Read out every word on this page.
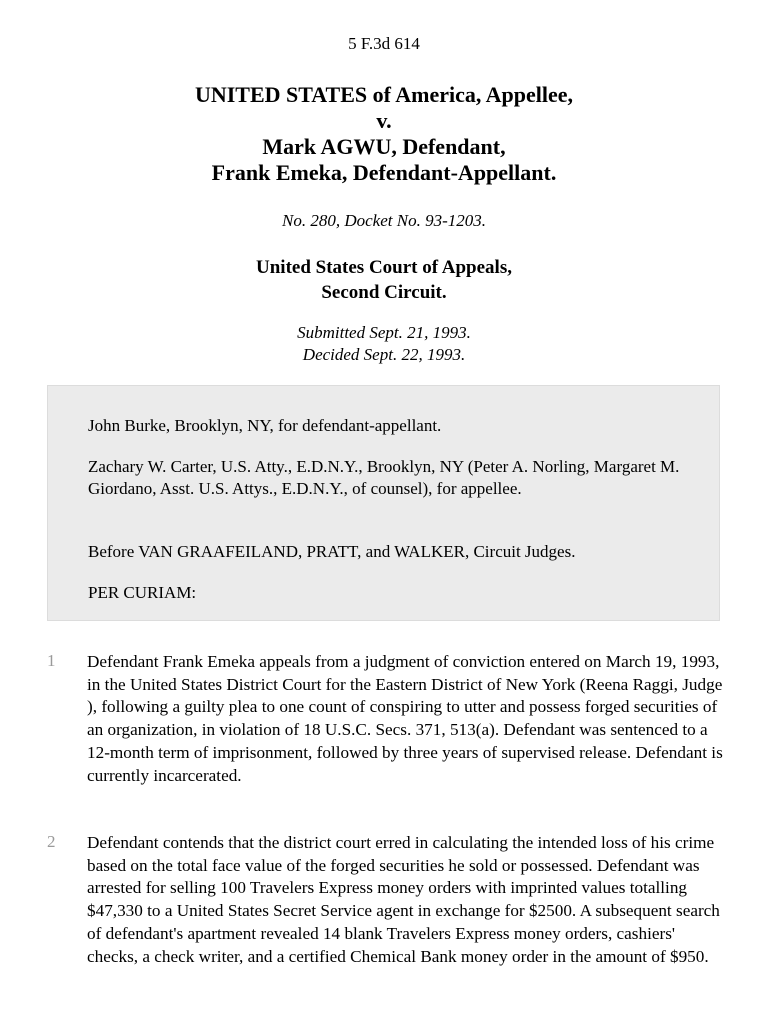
5 F.3d 614
UNITED STATES of America, Appellee,
v.
Mark AGWU, Defendant,
Frank Emeka, Defendant-Appellant.
No. 280, Docket No. 93-1203.
United States Court of Appeals,
Second Circuit.
Submitted Sept. 21, 1993.
Decided Sept. 22, 1993.

John Burke, Brooklyn, NY, for defendant-appellant.

Zachary W. Carter, U.S. Atty., E.D.N.Y., Brooklyn, NY (Peter A. Norling, Margaret M. Giordano, Asst. U.S. Attys., E.D.N.Y., of counsel), for appellee.

Before VAN GRAAFEILAND, PRATT, and WALKER, Circuit Judges.

PER CURIAM:

1 Defendant Frank Emeka appeals from a judgment of conviction entered on March 19, 1993, in the United States District Court for the Eastern District of New York (Reena Raggi, Judge ), following a guilty plea to one count of conspiring to utter and possess forged securities of an organization, in violation of 18 U.S.C. Secs. 371, 513(a). Defendant was sentenced to a 12-month term of imprisonment, followed by three years of supervised release. Defendant is currently incarcerated.

2 Defendant contends that the district court erred in calculating the intended loss of his crime based on the total face value of the forged securities he sold or possessed. Defendant was arrested for selling 100 Travelers Express money orders with imprinted values totalling $47,330 to a United States Secret Service agent in exchange for $2500. A subsequent search of defendant's apartment revealed 14 blank Travelers Express money orders, cashiers' checks, a check writer, and a certified Chemical Bank money order in the amount of $950.
